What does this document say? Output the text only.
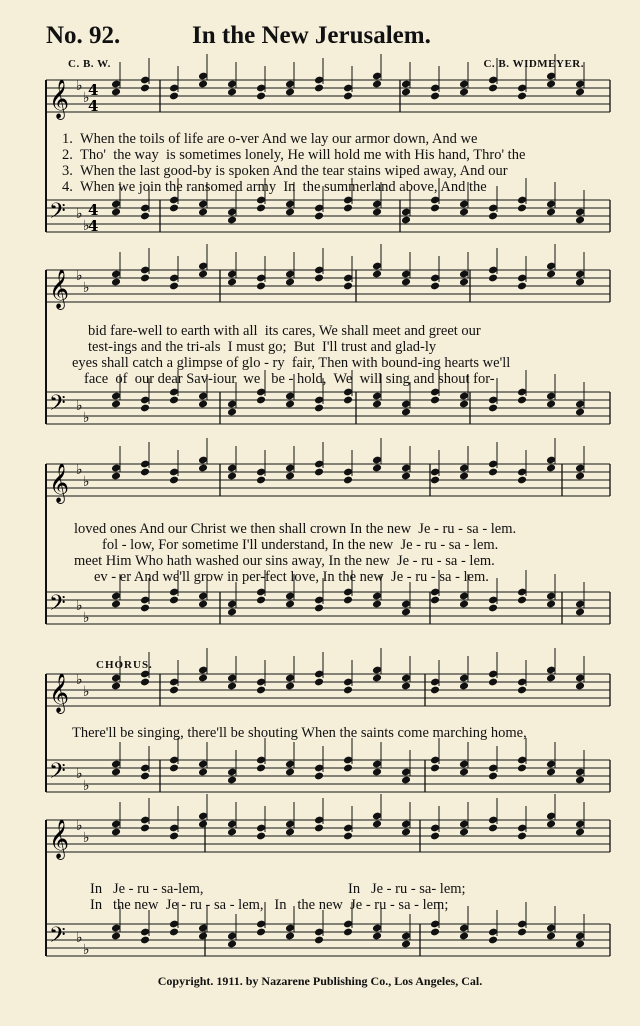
No. 92.	In the New Jerusalem.
C. B. W.	C. B. WIDMEYER.
𝄞
𝄢
♭
♭
♭
♭
𝄞
𝄢
♭
♭
♭
♭
𝄞
𝄢
♭
♭
♭
♭
𝄞
𝄢
♭
♭
♭
♭
𝄞
𝄢
♭
♭
♭
♭
4
4
4
4
1. When the toils of life are o-ver And we lay our armor down, And we
2. Tho'  the way  is sometimes lonely, He will hold me with His hand, Thro' the
3. When the last good-by is spoken And the tear stains wiped away, And our
4. When we join the ransomed army  In  the summerland above, And the
bid fare-well to earth with all  its cares, We shall meet and greet our
test-ings and the tri-als  I must go;  But  I'll trust and glad-ly
eyes shall catch a glimpse of glo - ry  fair, Then with bound-ing hearts we'll
face  of  our dear Sav-iour  we   be - hold,  We  will sing and shout for-
loved ones And our Christ we then shall crown In the new  Je - ru - sa - lem.
fol - low, For sometime I'll understand, In the new  Je - ru - sa - lem.
meet Him Who hath washed our sins away, In the new  Je - ru - sa - lem.
ev - er And we'll grow in per-fect love, In the new  Je - ru - sa - lem.
CHORUS.
There'll be singing, there'll be shouting When the saints come marching home,
In   Je - ru - sa-lem,	In   Je - ru - sa- lem;
In   the new  Je - ru - sa - lem,   In   the new  Je - ru - sa - lem;
Copyright. 1911. by Nazarene Publishing Co., Los Angeles, Cal.
